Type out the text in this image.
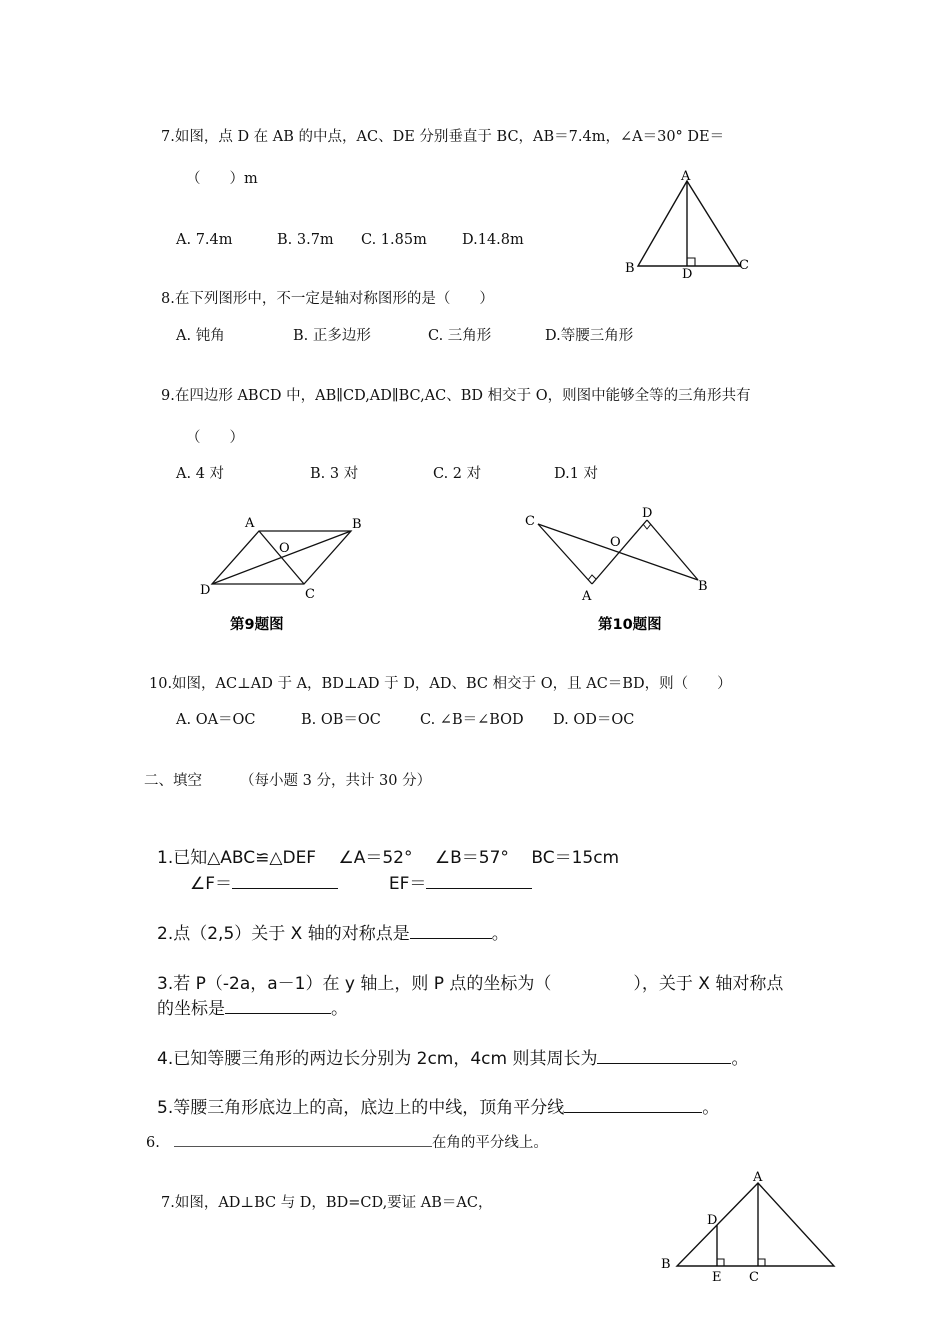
7.如图，点 D 在 AB 的中点，AC、DE 分别垂直于 BC，AB＝7.4m，∠A＝30° DE＝
（　　）m
A. 7.4m	B. 3.7m C. 1.85m D.14.8m
A
B	C
D
8.在下列图形中，不一定是轴对称图形的是（　　）
A. 钝角	B. 正多边形	C. 三角形	D.等腰三角形
9.在四边形 ABCD 中，AB∥CD,AD∥BC,AC、BD 相交于 O，则图中能够全等的三角形共有
（　　）
A. 4 对	B. 3 对	C. 2 对	D.1 对
A	B
C
D
O
第9题图
C
D
O
A
B
第10题图
10.如图，AC⊥AD 于 A，BD⊥AD 于 D，AD、BC 相交于 O，且 AC＝BD，则（　　）
A. OA＝OC	B. OB＝OC	C. ∠B＝∠BOD D. OD＝OC
二、填空	（每小题 3 分，共计 30 分）
1.已知△ABC≌△DEF　 ∠A＝52°　 ∠B＝57°　 BC＝15cm
∠F＝	EF＝
2.点（2,5）关于 X 轴的对称点是	。
3.若 P（-2a，a－1）在 y 轴上，则 P 点的坐标为（	），关于 X 轴对称点
的坐标是	。
4.已知等腰三角形的两边长分别为 2cm，4cm 则其周长为	。
5.等腰三角形底边上的高，底边上的中线，顶角平分线	。
6.	在角的平分线上。
7.如图，AD⊥BC 与 D，BD=CD,要证 AB＝AC，
A
D
B
E C
